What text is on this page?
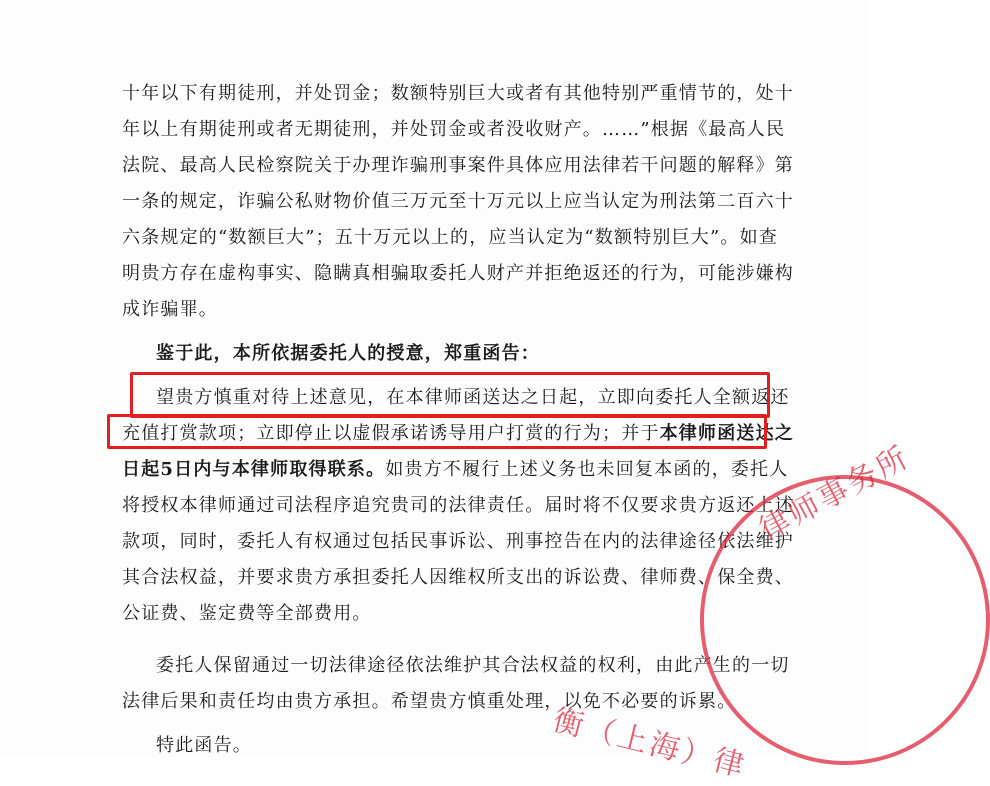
十年以下有期徒刑，并处罚金；数额特别巨大或者有其他特别严重情节的，处十
年以上有期徒刑或者无期徒刑，并处罚金或者没收财产。……”根据《最高人民
法院、最高人民检察院关于办理诈骗刑事案件具体应用法律若干问题的解释》第
一条的规定，诈骗公私财物价值三万元至十万元以上应当认定为刑法第二百六十
六条规定的“数额巨大”；五十万元以上的，应当认定为“数额特别巨大”。如查
明贵方存在虚构事实、隐瞒真相骗取委托人财产并拒绝返还的行为，可能涉嫌构
成诈骗罪。
鉴于此，本所依据委托人的授意，郑重函告：
望贵方慎重对待上述意见，在本律师函送达之日起，立即向委托人全额返还
充值打赏款项；立即停止以虚假承诺诱导用户打赏的行为；并于本律师函送达之
日起5日内与本律师取得联系。如贵方不履行上述义务也未回复本函的，委托人
将授权本律师通过司法程序追究贵司的法律责任。届时将不仅要求贵方返还上述
款项，同时，委托人有权通过包括民事诉讼、刑事控告在内的法律途径依法维护
其合法权益，并要求贵方承担委托人因维权所支出的诉讼费、律师费、保全费、
公证费、鉴定费等全部费用。
委托人保留通过一切法律途径依法维护其合法权益的权利，由此产生的一切
法律后果和责任均由贵方承担。希望贵方慎重处理，以免不必要的诉累。
特此函告。
律师事务所
衡（上海）律
